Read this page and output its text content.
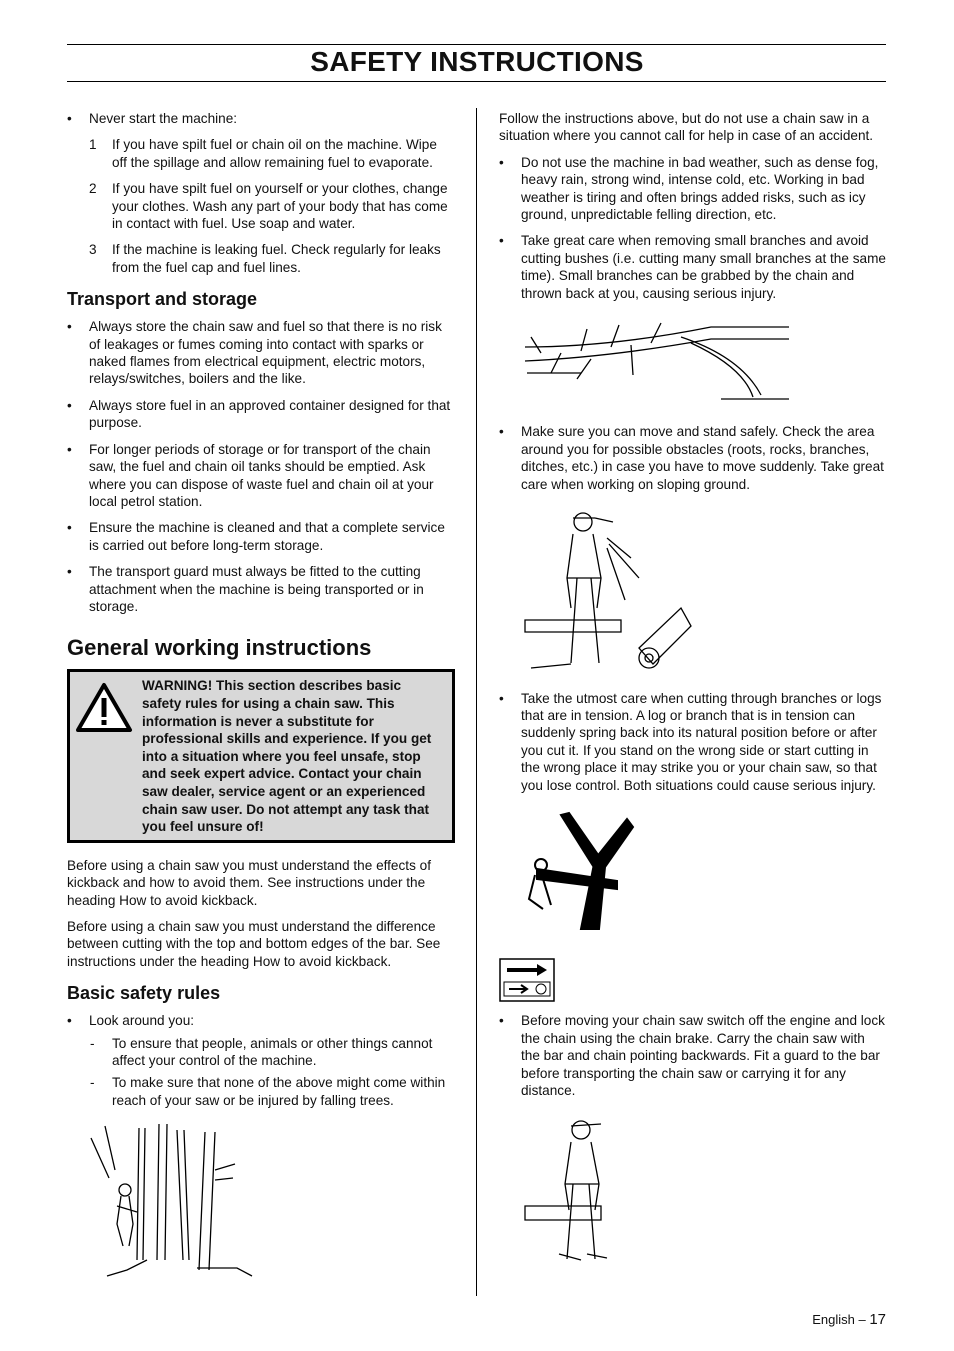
SAFETY INSTRUCTIONS
• Never start the machine:
1 If you have spilt fuel or chain oil on the machine. Wipe off the spillage and allow remaining fuel to evaporate.
2 If you have spilt fuel on yourself or your clothes, change your clothes. Wash any part of your body that has come in contact with fuel. Use soap and water.
3 If the machine is leaking fuel. Check regularly for leaks from the fuel cap and fuel lines.
Transport and storage
• Always store the chain saw and fuel so that there is no risk of leakages or fumes coming into contact with sparks or naked flames from electrical equipment, electric motors, relays/switches, boilers and the like.
• Always store fuel in an approved container designed for that purpose.
• For longer periods of storage or for transport of the chain saw, the fuel and chain oil tanks should be emptied. Ask where you can dispose of waste fuel and chain oil at your local petrol station.
• Ensure the machine is cleaned and that a complete service is carried out before long-term storage.
• The transport guard must always be fitted to the cutting attachment when the machine is being transported or in storage.
General working instructions
WARNING! This section describes basic safety rules for using a chain saw. This information is never a substitute for professional skills and experience. If you get into a situation where you feel unsafe, stop and seek expert advice. Contact your chain saw dealer, service agent or an experienced chain saw user. Do not attempt any task that you feel unsure of!

Before using a chain saw you must understand the effects of kickback and how to avoid them. See instructions under the heading How to avoid kickback.

Before using a chain saw you must understand the difference between cutting with the top and bottom edges of the bar. See instructions under the heading How to avoid kickback.

Basic safety rules
• Look around you:
- To ensure that people, animals or other things cannot affect your control of the machine.
- To make sure that none of the above might come within reach of your saw or be injured by falling trees.

Follow the instructions above, but do not use a chain saw in a situation where you cannot call for help in case of an accident.

• Do not use the machine in bad weather, such as dense fog, heavy rain, strong wind, intense cold, etc. Working in bad weather is tiring and often brings added risks, such as icy ground, unpredictable felling direction, etc.
• Take great care when removing small branches and avoid cutting bushes (i.e. cutting many small branches at the same time). Small branches can be grabbed by the chain and thrown back at you, causing serious injury.
• Make sure you can move and stand safely. Check the area around you for possible obstacles (roots, rocks, branches, ditches, etc.) in case you have to move suddenly. Take great care when working on sloping ground.
• Take the utmost care when cutting through branches or logs that are in tension. A log or branch that is in tension can suddenly spring back into its natural position before or after you cut it. If you stand on the wrong side or start cutting in the wrong place it may strike you or your chain saw, so that you lose control. Both situations could cause serious injury.
• Before moving your chain saw switch off the engine and lock the chain using the chain brake. Carry the chain saw with the bar and chain pointing backwards. Fit a guard to the bar before transporting the chain saw or carrying it for any distance.
English – 17
